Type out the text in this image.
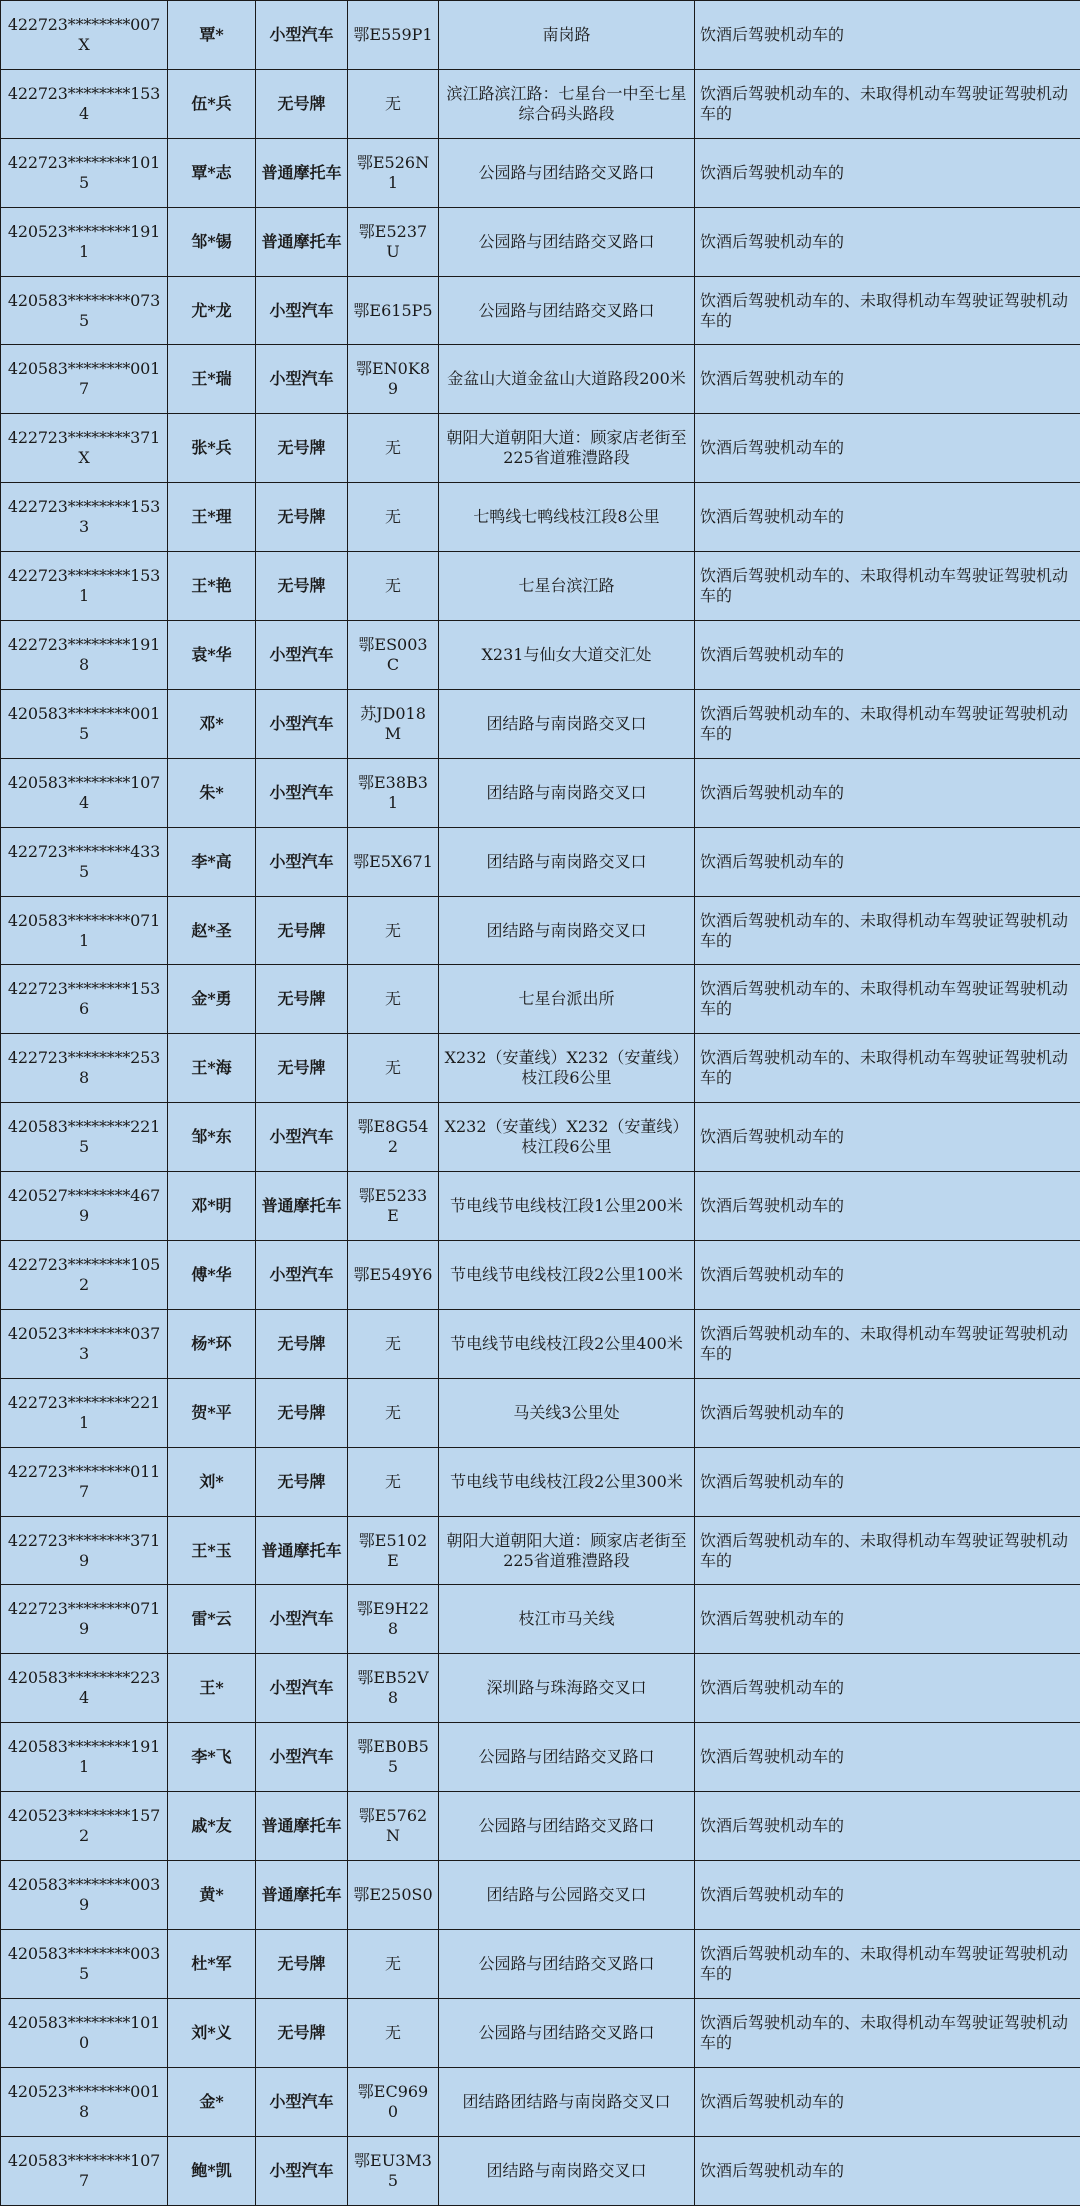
422723********007X	覃*	小型汽车	鄂E559P1	南岗路	饮酒后驾驶机动车的
422723********1534	伍*兵	无号牌	无	滨江路滨江路：七星台一中至七星综合码头路段	饮酒后驾驶机动车的、未取得机动车驾驶证驾驶机动车的
422723********1015	覃*志	普通摩托车	鄂E526N1	公园路与团结路交叉路口	饮酒后驾驶机动车的
420523********1911	邹*锡	普通摩托车	鄂E5237U	公园路与团结路交叉路口	饮酒后驾驶机动车的
420583********0735	尤*龙	小型汽车	鄂E615P5	公园路与团结路交叉路口	饮酒后驾驶机动车的、未取得机动车驾驶证驾驶机动车的
420583********0017	王*瑞	小型汽车	鄂EN0K89	金盆山大道金盆山大道路段200米	饮酒后驾驶机动车的
422723********371X	张*兵	无号牌	无	朝阳大道朝阳大道：顾家店老街至225省道雅澧路段	饮酒后驾驶机动车的
422723********1533	王*理	无号牌	无	七鸭线七鸭线枝江段8公里	饮酒后驾驶机动车的
422723********1531	王*艳	无号牌	无	七星台滨江路	饮酒后驾驶机动车的、未取得机动车驾驶证驾驶机动车的
422723********1918	袁*华	小型汽车	鄂ES003C	X231与仙女大道交汇处	饮酒后驾驶机动车的
420583********0015	邓*	小型汽车	苏JD018M	团结路与南岗路交叉口	饮酒后驾驶机动车的、未取得机动车驾驶证驾驶机动车的
420583********1074	朱*	小型汽车	鄂E38B31	团结路与南岗路交叉口	饮酒后驾驶机动车的
422723********4335	李*高	小型汽车	鄂E5X671	团结路与南岗路交叉口	饮酒后驾驶机动车的
420583********0711	赵*圣	无号牌	无	团结路与南岗路交叉口	饮酒后驾驶机动车的、未取得机动车驾驶证驾驶机动车的
422723********1536	金*勇	无号牌	无	七星台派出所	饮酒后驾驶机动车的、未取得机动车驾驶证驾驶机动车的
422723********2538	王*海	无号牌	无	X232（安董线）X232（安董线）枝江段6公里	饮酒后驾驶机动车的、未取得机动车驾驶证驾驶机动车的
420583********2215	邹*东	小型汽车	鄂E8G542	X232（安董线）X232（安董线）枝江段6公里	饮酒后驾驶机动车的
420527********4679	邓*明	普通摩托车	鄂E5233E	节电线节电线枝江段1公里200米	饮酒后驾驶机动车的
422723********1052	傅*华	小型汽车	鄂E549Y6	节电线节电线枝江段2公里100米	饮酒后驾驶机动车的
420523********0373	杨*环	无号牌	无	节电线节电线枝江段2公里400米	饮酒后驾驶机动车的、未取得机动车驾驶证驾驶机动车的
422723********2211	贺*平	无号牌	无	马关线3公里处	饮酒后驾驶机动车的
422723********0117	刘*	无号牌	无	节电线节电线枝江段2公里300米	饮酒后驾驶机动车的
422723********3719	王*玉	普通摩托车	鄂E5102E	朝阳大道朝阳大道：顾家店老街至225省道雅澧路段	饮酒后驾驶机动车的、未取得机动车驾驶证驾驶机动车的
422723********0719	雷*云	小型汽车	鄂E9H228	枝江市马关线	饮酒后驾驶机动车的
420583********2234	王*	小型汽车	鄂EB52V8	深圳路与珠海路交叉口	饮酒后驾驶机动车的
420583********1911	李*飞	小型汽车	鄂EB0B55	公园路与团结路交叉路口	饮酒后驾驶机动车的
420523********1572	戚*友	普通摩托车	鄂E5762N	公园路与团结路交叉路口	饮酒后驾驶机动车的
420583********0039	黄*	普通摩托车	鄂E250S0	团结路与公园路交叉口	饮酒后驾驶机动车的
420583********0035	杜*军	无号牌	无	公园路与团结路交叉路口	饮酒后驾驶机动车的、未取得机动车驾驶证驾驶机动车的
420583********1010	刘*义	无号牌	无	公园路与团结路交叉路口	饮酒后驾驶机动车的、未取得机动车驾驶证驾驶机动车的
420523********0018	金*	小型汽车	鄂EC9690	团结路团结路与南岗路交叉口	饮酒后驾驶机动车的
420583********1077	鲍*凯	小型汽车	鄂EU3M35	团结路与南岗路交叉口	饮酒后驾驶机动车的
